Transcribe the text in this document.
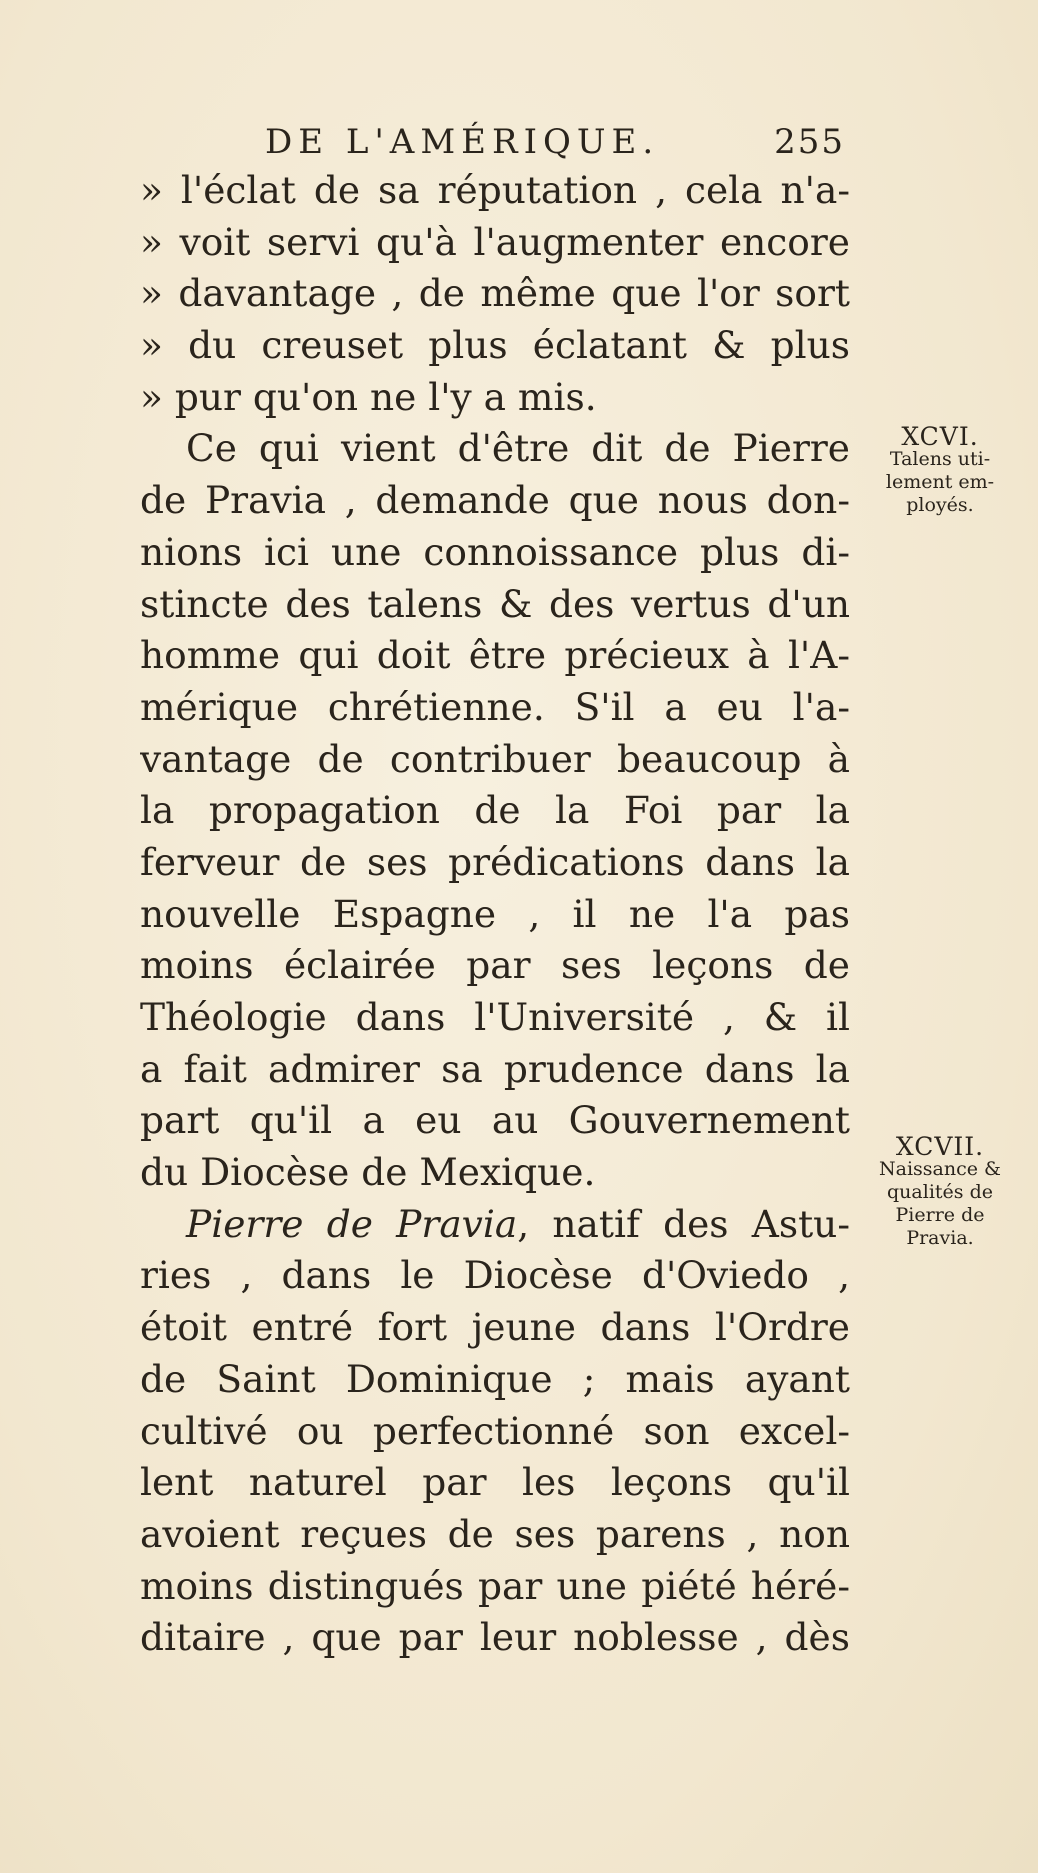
DE L'AMÉRIQUE.	255
» l'éclat de sa réputation , cela n'a-
» voit servi qu'à l'augmenter encore
» davantage , de même que l'or sort
» du creuset plus éclatant & plus
» pur qu'on ne l'y a mis.
Ce qui vient d'être dit de Pierre
de Pravia , demande que nous don-
nions ici une connoissance plus di-
stincte des talens & des vertus d'un
homme qui doit être précieux à l'A-
mérique chrétienne. S'il a eu l'a-
vantage de contribuer beaucoup à
la propagation de la Foi par la
ferveur de ses prédications dans la
nouvelle Espagne , il ne l'a pas
moins éclairée par ses leçons de
Théologie dans l'Université , & il
a fait admirer sa prudence dans la
part qu'il a eu au Gouvernement
du Diocèse de Mexique.
Pierre de Pravia, natif des Astu-
ries , dans le Diocèse d'Oviedo ,
étoit entré fort jeune dans l'Ordre
de Saint Dominique ; mais ayant
cultivé ou perfectionné son excel-
lent naturel par les leçons qu'il
avoient reçues de ses parens , non
moins distingués par une piété héré-
ditaire , que par leur noblesse , dès
XCVI.
Talens uti-
lement em-
ployés.
XCVII.
Naissance &
qualités de
Pierre de
Pravia.
